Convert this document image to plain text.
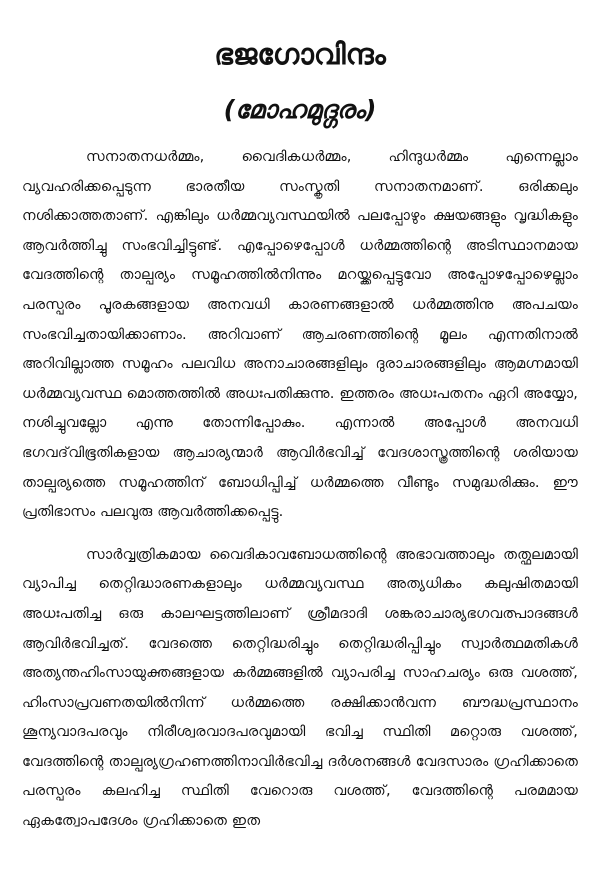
ഭജഗോവിന്ദം
(മോഹമുദ്ഗരം)

സനാതനധർമ്മം, വൈദികധർമ്മം, ഹിന്ദുധർമ്മം എന്നെല്ലാം വ്യവഹരിക്കപ്പെടുന്ന ഭാരതീയ സംസ്കൃതി സനാതനമാണ്. ഒരിക്കലും നശിക്കാത്തതാണ്. എങ്കിലും ധർമ്മവ്യവസ്ഥയിൽ പലപ്പോഴും ക്ഷയങ്ങളും വൃദ്ധികളും ആവർത്തിച്ചു സംഭവിച്ചിട്ടുണ്ട്. എപ്പോഴെപ്പോൾ ധർമ്മത്തിന്റെ അടിസ്ഥാനമായ വേദത്തിന്റെ താല്പര്യം സമൂഹത്തിൽനിന്നും മറയ്ക്കപ്പെട്ടുവോ അപ്പോഴപ്പോഴെല്ലാം പരസ്പരം പൂരകങ്ങളായ അനവധി കാരണങ്ങളാൽ ധർമ്മത്തിനു അപചയം സംഭവിച്ചതായിക്കാണാം. അറിവാണ് ആചരണത്തിന്റെ മൂലം എന്നതിനാൽ അറിവില്ലാത്ത സമൂഹം പലവിധ അനാചാരങ്ങളിലും ദുരാചാരങ്ങളിലും ആമഗ്നമായി ധർമ്മവ്യവസ്ഥ മൊത്തത്തിൽ അധഃപതിക്കുന്നു. ഇത്തരം അധഃപതനം ഏറി അയ്യോ, നശിച്ചുവല്ലോ എന്നു തോന്നിപ്പോകും. എന്നാൽ അപ്പോൾ അനവധി ഭഗവദ്‌വിഭൂതികളായ ആചാര്യന്മാർ ആവിർഭവിച്ച് വേദശാസ്ത്രത്തിന്റെ ശരിയായ താല്പര്യത്തെ സമൂഹത്തിന് ബോധിപ്പിച്ച് ധർമ്മത്തെ വീണ്ടും സമുദ്ധരിക്കും. ഈ പ്രതിഭാസം പലവുരു ആവർത്തിക്കപ്പെട്ടു.

സാർവ്വത്രികമായ വൈദികാവബോധത്തിന്റെ അഭാവത്താലും തത്ഫലമായി വ്യാപിച്ച തെറ്റിദ്ധാരണകളാലും ധർമ്മവ്യവസ്ഥ അത്യധികം കലുഷിതമായി അധഃപതിച്ച ഒരു കാലഘട്ടത്തിലാണ് ശ്രീമദാദി ശങ്കരാചാര്യഭഗവത്പാദങ്ങൾ ആവിർഭവിച്ചത്. വേദത്തെ തെറ്റിദ്ധരിച്ചും തെറ്റിദ്ധരിപ്പിച്ചും സ്വാർത്ഥമതികൾ അത്യന്തഹിംസായുക്തങ്ങളായ കർമ്മങ്ങളിൽ വ്യാപരിച്ച സാഹചര്യം ഒരു വശത്ത്, ഹിംസാപ്രവണതയിൽനിന്ന് ധർമ്മത്തെ രക്ഷിക്കാൻവന്ന ബൗദ്ധപ്രസ്ഥാനം ശൂന്യവാദപരവും നിരീശ്വരവാദപരവുമായി ഭവിച്ച സ്ഥിതി മറ്റൊരു വശത്ത്, വേദത്തിന്റെ താല്പര്യഗ്രഹണത്തിനാവിർഭവിച്ച ദർശനങ്ങൾ വേദസാരം ഗ്രഹിക്കാതെ പരസ്പരം കലഹിച്ച സ്ഥിതി വേറൊരു വശത്ത്, വേദത്തിന്റെ പരമമായ ഏകത്വോപദേശം ഗ്രഹിക്കാതെ ഇത
